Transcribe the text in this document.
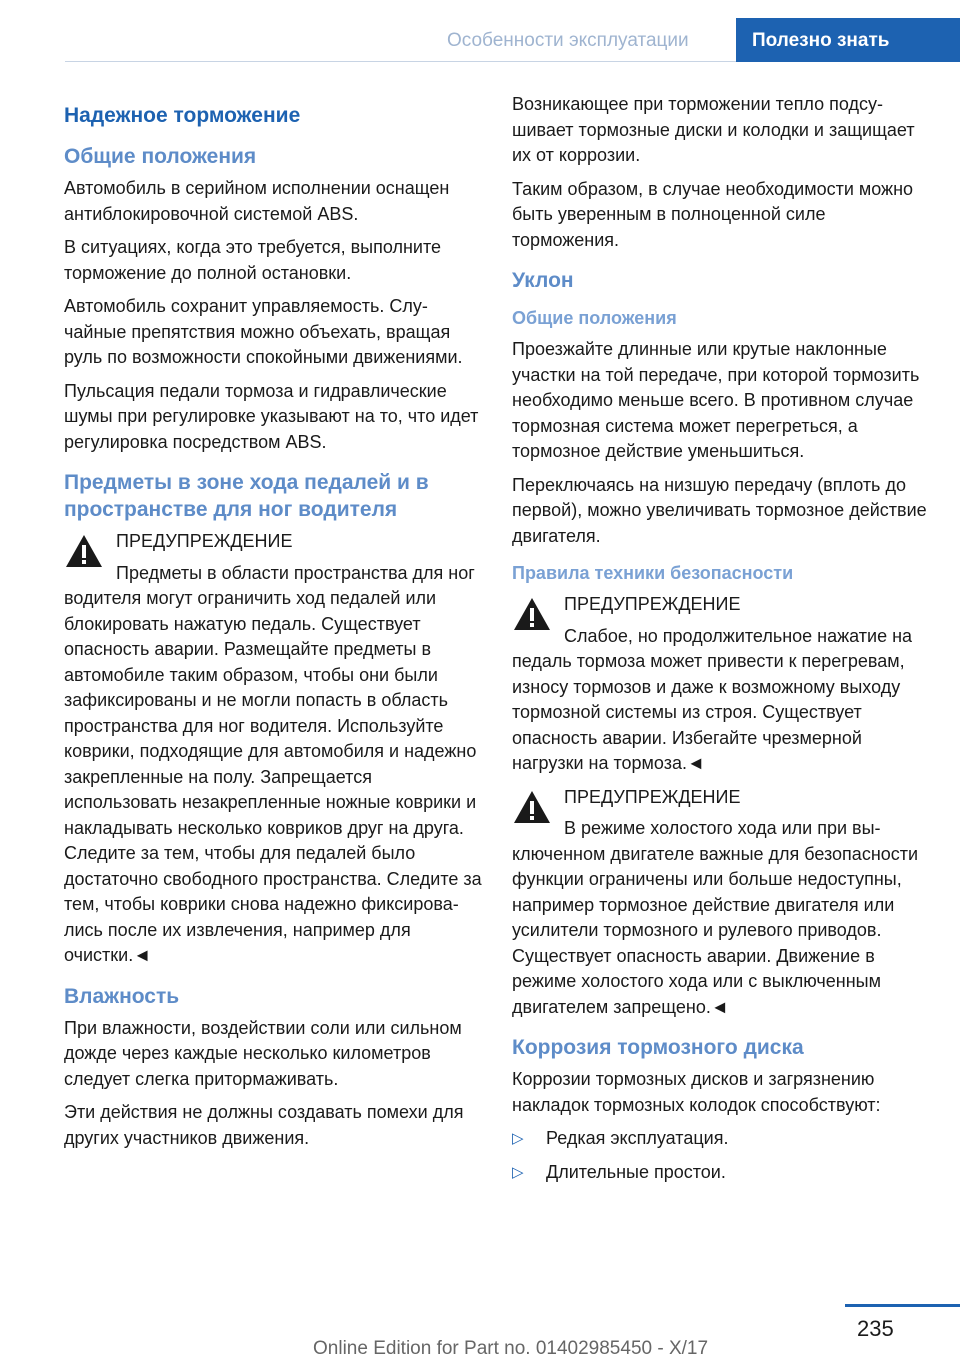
Особенности эксплуатации	Полезно знать
Надежное торможение
Общие положения

Автомобиль в серийном исполнении оснащен антиблокировочной системой ABS.

В ситуациях, когда это требуется, выполните торможение до полной остановки.

Автомобиль сохранит управляемость. Случайные препятствия можно объехать, вращая руль по возможности спокойными движениями.

Пульсация педали тормоза и гидравлические шумы при регулировке указывают на то, что идет регулировка посредством ABS.

Предметы в зоне хода педалей и в пространстве для ног водителя
ПРЕДУПРЕЖДЕНИЕ

Предметы в области пространства для ног водителя могут ограничить ход педалей или блокировать нажатую педаль. Существует опасность аварии. Размещайте предметы в автомобиле таким образом, чтобы они были зафиксированы и не могли попасть в область пространства для ног водителя. Используйте коврики, подходящие для автомобиля и надежно закрепленные на полу. Запрещается использовать незакрепленные ножные коврики и накладывать несколько ковриков друг на друга. Следите за тем, чтобы для педалей было достаточно свободного пространства. Следите за тем, чтобы коврики снова надежно фиксировались после их извлечения, например для очистки.◄

Влажность

При влажности, воздействии соли или сильном дожде через каждые несколько километров следует слегка притормаживать.

Эти действия не должны создавать помехи для других участников движения.

Возникающее при торможении тепло подсушивает тормозные диски и колодки и защищает их от коррозии.

Таким образом, в случае необходимости можно быть уверенным в полноценной силе торможения.

Уклон
Общие положения

Проезжайте длинные или крутые наклонные участки на той передаче, при которой тормозить необходимо меньше всего. В противном случае тормозная система может перегреться, а тормозное действие уменьшиться.

Переключаясь на низшую передачу (вплоть до первой), можно увеличивать тормозное действие двигателя.

Правила техники безопасности
ПРЕДУПРЕЖДЕНИЕ

Слабое, но продолжительное нажатие на педаль тормоза может привести к перегревам, износу тормозов и даже к возможному выходу тормозной системы из строя. Существует опасность аварии. Избегайте чрезмерной нагрузки на тормоза.◄

ПРЕДУПРЕЖДЕНИЕ

В режиме холостого хода или при выключенном двигателе важные для безопасности функции ограничены или больше недоступны, например тормозное действие двигателя или усилители тормозного и рулевого приводов. Существует опасность аварии. Движение в режиме холостого хода или с выключенным двигателем запрещено.◄

Коррозия тормозного диска

Коррозии тормозных дисков и загрязнению накладок тормозных колодок способствуют:

▷ Редкая эксплуатация.
▷ Длительные простои.
235
Online Edition for Part no. 01402985450 - X/17
